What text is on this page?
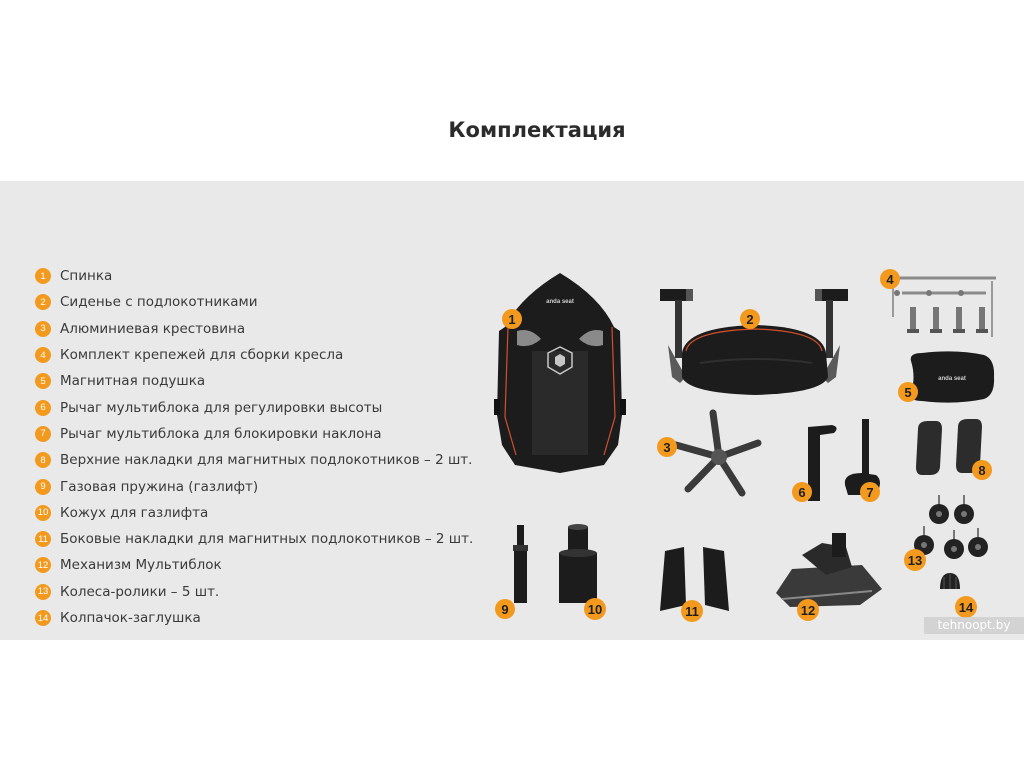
Комплектация
1	Спинка
2	Сиденье с подлокотниками
3	Алюминиевая крестовина
4	Комплект крепежей для сборки кресла
5	Магнитная подушка
6	Рычаг мультиблока для регулировки высоты
7	Рычаг мультиблока для блокировки наклона
8	Верхние накладки для магнитных подлокотников – 2 шт.
9	Газовая пружина (газлифт)
10 Кожух для газлифта
11 Боковые накладки для магнитных подлокотников – 2 шт.
12 Механизм Мультиблок
13 Колеса-ролики – 5 шт.
14 Колпачок-заглушка
anda seat
anda seat
1	2
3
4
5
6	7
8
9	10	11	12
13
14
tehnoopt.by
